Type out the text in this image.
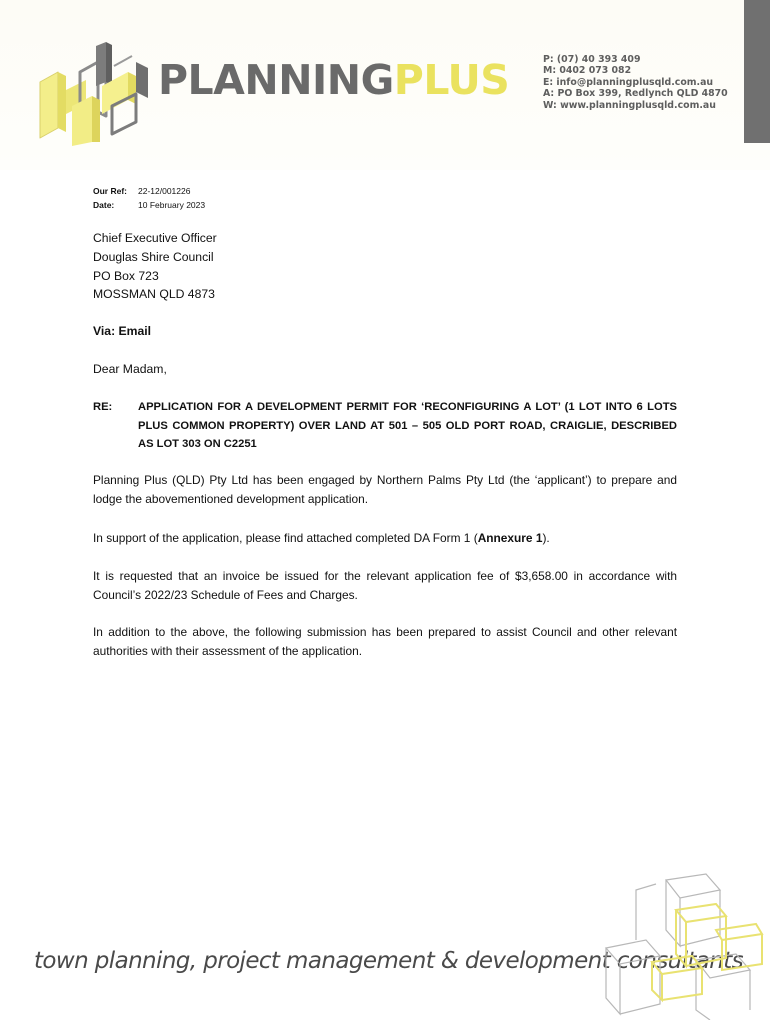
PLANNINGPLUS	P: (07) 40 393 409
M: 0402 073 082
E: info@planningplusqld.com.au
A: PO Box 399, Redlynch QLD 4870
W: www.planningplusqld.com.au
Our Ref:	22-12/001226
Date:	10 February 2023
Chief Executive Officer
Douglas Shire Council
PO Box 723
MOSSMAN QLD 4873
Via: Email
Dear Madam,
RE: APPLICATION FOR A DEVELOPMENT PERMIT FOR ‘RECONFIGURING A LOT’ (1 LOT INTO 6 LOTS PLUS COMMON PROPERTY) OVER LAND AT 501 – 505 OLD PORT ROAD, CRAIGLIE, DESCRIBED AS LOT 303 ON C2251
Planning Plus (QLD) Pty Ltd has been engaged by Northern Palms Pty Ltd (the ‘applicant’) to prepare and lodge the abovementioned development application.
In support of the application, please find attached completed DA Form 1 (Annexure 1).
It is requested that an invoice be issued for the relevant application fee of $3,658.00 in accordance with Council’s 2022/23 Schedule of Fees and Charges.
In addition to the above, the following submission has been prepared to assist Council and other relevant authorities with their assessment of the application.
town planning, project management & development consultants
